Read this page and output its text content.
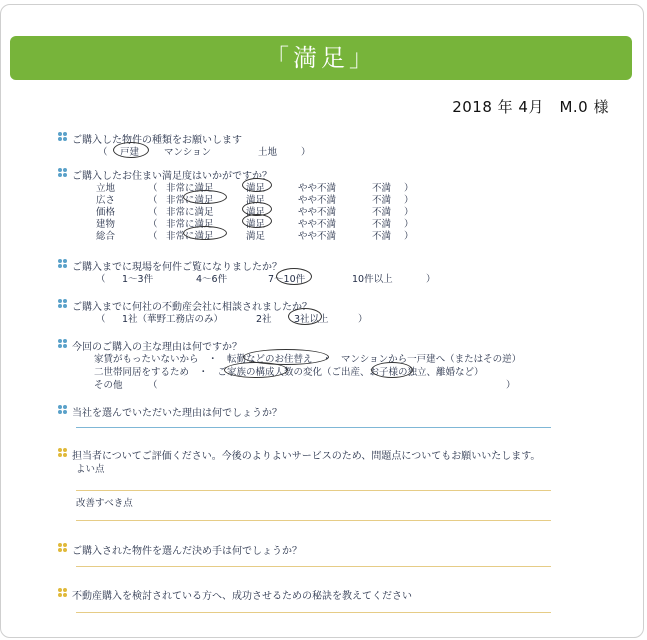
「満足」
2018 年 4月　M.0 様
ご購入した物件の種類をお願いします
（ 戸建	マンション	土地	）
ご購入したお住まい満足度はいかがですか？
立地	（ 非常に満足	満足	やや不満	不満 ）
広さ	（ 非常に満足	満足	やや不満	不満 ）
価格	（ 非常に満足	満足	やや不満	不満 ）
建物	（ 非常に満足	満足	やや不満	不満 ）
総合	（ 非常に満足	満足	やや不満	不満 ）
ご購入までに現場を何件ご覧になりましたか？
（ 1～3件	4～6件	7～10件	10件以上	）
ご購入までに何社の不動産会社に相談されましたか？
（ 1社（華野工務店のみ）	2社 3社以上	）
今回のご購入の主な理由は何ですか？
家賃がもったいないから　・　転勤などのお住替え　・　マンションから一戸建へ（またはその逆）
二世帯同居をするため　・　ご家族の構成人数の変化（ご出産、お子様の独立、離婚など）
その他	（	）
当社を選んでいただいた理由は何でしょうか？
担当者についてご評価ください。今後のよりよいサービスのため、問題点についてもお願いいたします。
よい点
改善すべき点
ご購入された物件を選んだ決め手は何でしょうか？
不動産購入を検討されている方へ、成功させるための秘訣を教えてください
